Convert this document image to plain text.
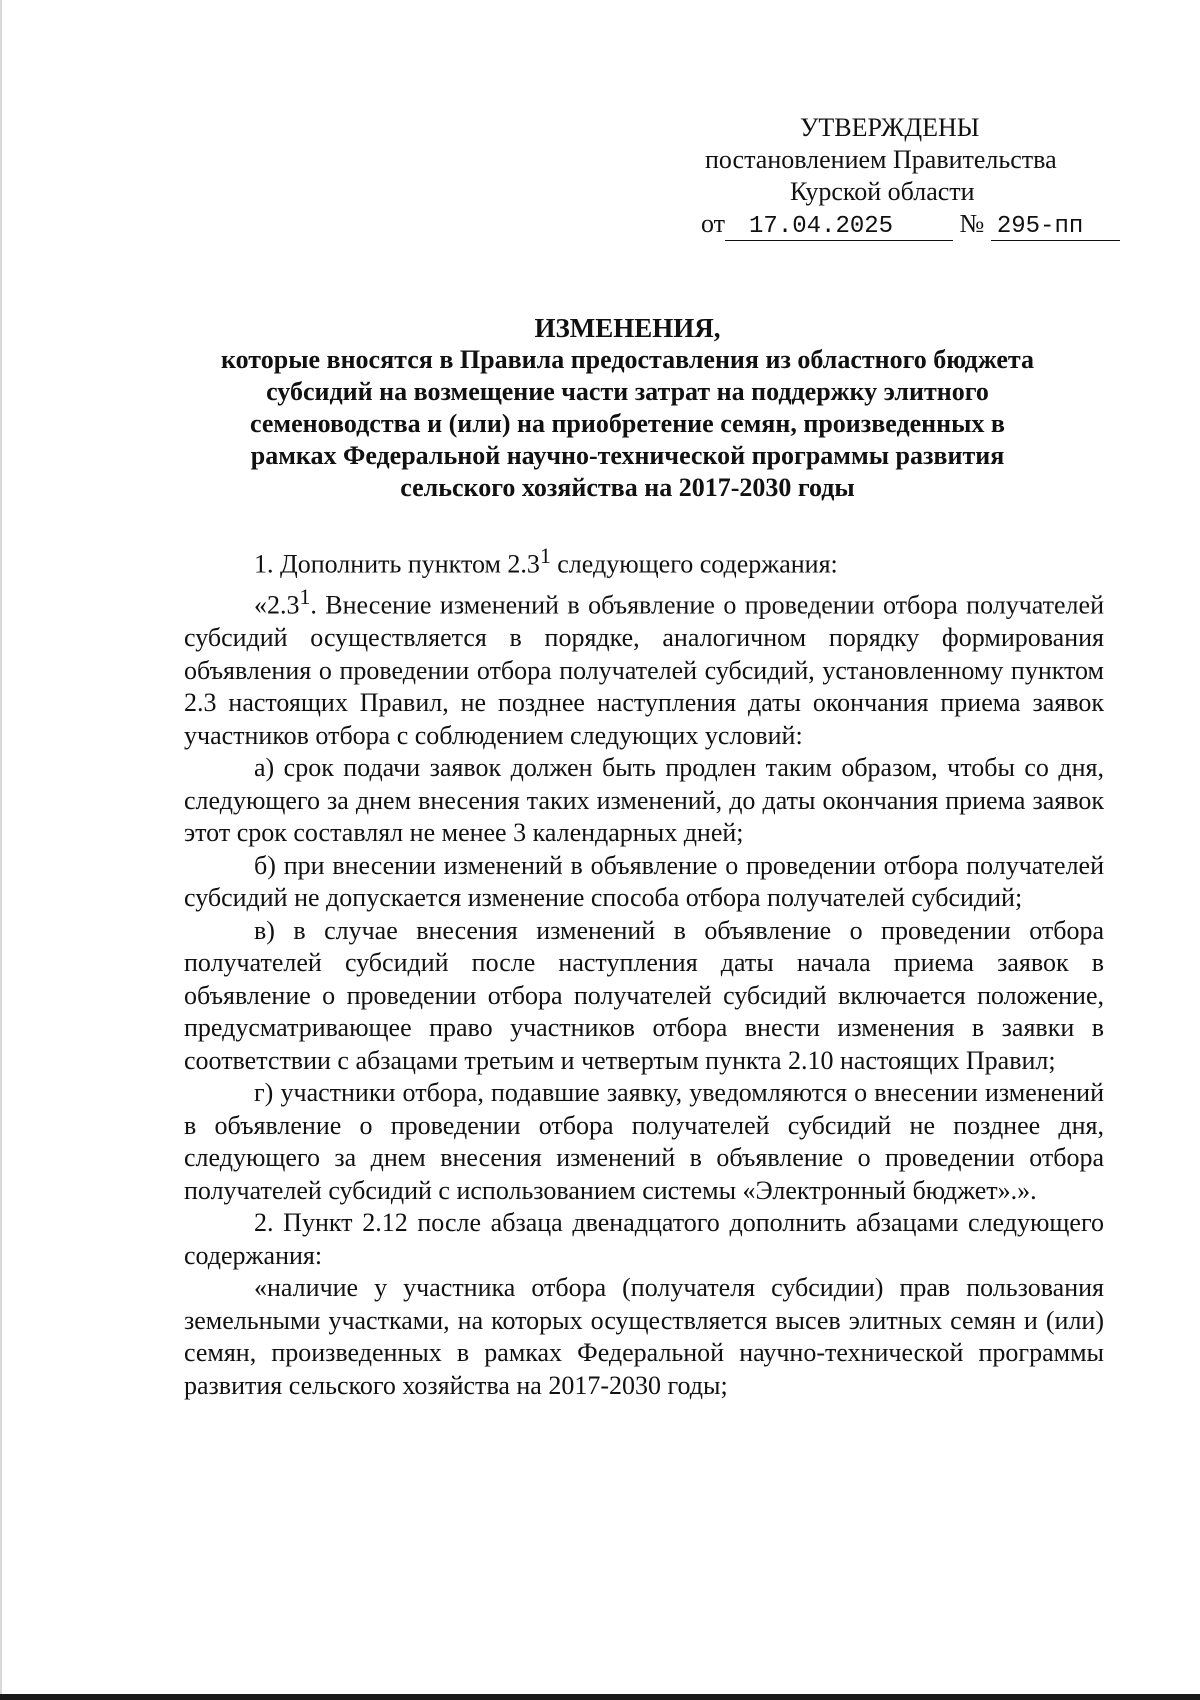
УТВЕРЖДЕНЫ
постановлением Правительства
Курской области
от 17.04.2025	№ 295-пп
ИЗМЕНЕНИЯ,
которые вносятся в Правила предоставления из областного бюджета
субсидий на возмещение части затрат на поддержку элитного
семеноводства и (или) на приобретение семян, произведенных в
рамках Федеральной научно-технической программы развития
сельского хозяйства на 2017-2030 годы

1. Дополнить пунктом $2.3^1$ следующего содержания:

«$2.3^1$. Внесение изменений в объявление о проведении отбора получателей субсидий осуществляется в порядке, аналогичном порядку формирования объявления о проведении отбора получателей субсидий, установленному пунктом 2.3 настоящих Правил, не позднее наступления даты окончания приема заявок участников отбора с соблюдением следующих условий:

а) срок подачи заявок должен быть продлен таким образом, чтобы со дня, следующего за днем внесения таких изменений, до даты окончания приема заявок этот срок составлял не менее 3 календарных дней;

б) при внесении изменений в объявление о проведении отбора получателей субсидий не допускается изменение способа отбора получателей субсидий;

в) в случае внесения изменений в объявление о проведении отбора получателей субсидий после наступления даты начала приема заявок в объявление о проведении отбора получателей субсидий включается положение, предусматривающее право участников отбора внести изменения в заявки в соответствии с абзацами третьим и четвертым пункта 2.10 настоящих Правил;

г) участники отбора, подавшие заявку, уведомляются о внесении изменений в объявление о проведении отбора получателей субсидий не позднее дня, следующего за днем внесения изменений в объявление о проведении отбора получателей субсидий с использованием системы «Электронный бюджет».».

2. Пункт 2.12 после абзаца двенадцатого дополнить абзацами следующего содержания:

«наличие у участника отбора (получателя субсидии) прав пользования земельными участками, на которых осуществляется высев элитных семян и (или) семян, произведенных в рамках Федеральной научно-технической программы развития сельского хозяйства на 2017-2030 годы;
